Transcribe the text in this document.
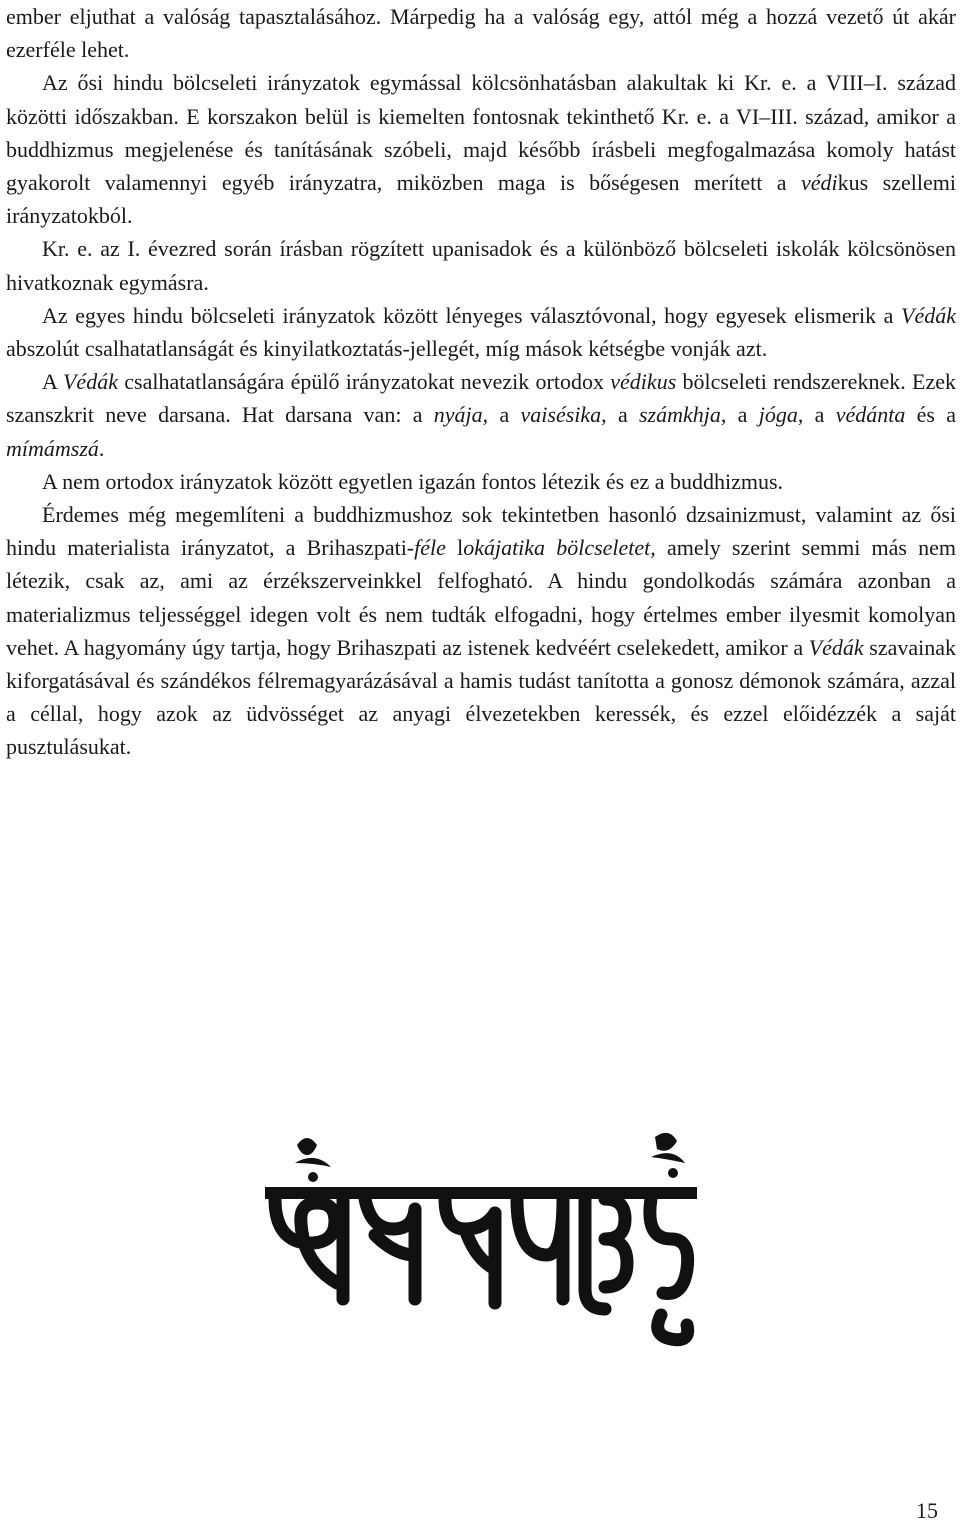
ember eljuthat a valóság tapasztalásához. Márpedig ha a valóság egy, attól még a hozzá vezető út akár ezerféle lehet.

Az ősi hindu bölcseleti irányzatok egymással kölcsönhatásban alakultak ki Kr. e. a VIII–I. század közötti időszakban. E korszakon belül is kiemelten fontosnak tekinthető Kr. e. a VI–III. század, amikor a buddhizmus megjelenése és tanításának szóbeli, majd később írásbeli megfogalmazása komoly hatást gyakorolt valamennyi egyéb irányzatra, miközben maga is bőségesen merített a védikus szellemi irányzatokból.

Kr. e. az I. évezred során írásban rögzített upanisadok és a különböző bölcseleti iskolák kölcsönösen hivatkoznak egymásra.

Az egyes hindu bölcseleti irányzatok között lényeges választóvonal, hogy egyesek elismerik a Védák abszolút csalhatatlanságát és kinyilatkoztatás-jellegét, míg mások kétségbe vonják azt.

A Védák csalhatatlanságára épülő irányzatokat nevezik ortodox védikus bölcseleti rendszereknek. Ezek szanszkrit neve darsana. Hat darsana van: a nyája, a vaisésika, a számkhja, a jóga, a védánta és a mímámszá.

A nem ortodox irányzatok között egyetlen igazán fontos létezik és ez a buddhizmus.

Érdemes még megemlíteni a buddhizmushoz sok tekintetben hasonló dzsainizmust, valamint az ősi hindu materialista irányzatot, a Brihaszpati-féle lokájatika bölcseletet, amely szerint semmi más nem létezik, csak az, ami az érzékszerveinkkel felfogható. A hindu gondolkodás számára azonban a materializmus teljességgel idegen volt és nem tudták elfogadni, hogy értelmes ember ilyesmit komolyan vehet. A hagyomány úgy tartja, hogy Brihaszpati az istenek kedvéért cselekedett, amikor a Védák szavainak kiforgatásával és szándékos félremagyarázásával a hamis tudást tanította a gonosz démonok számára, azzal a céllal, hogy azok az üdvösséget az anyagi élvezetekben keressék, és ezzel előidézzék a saját pusztulásukat.

15
